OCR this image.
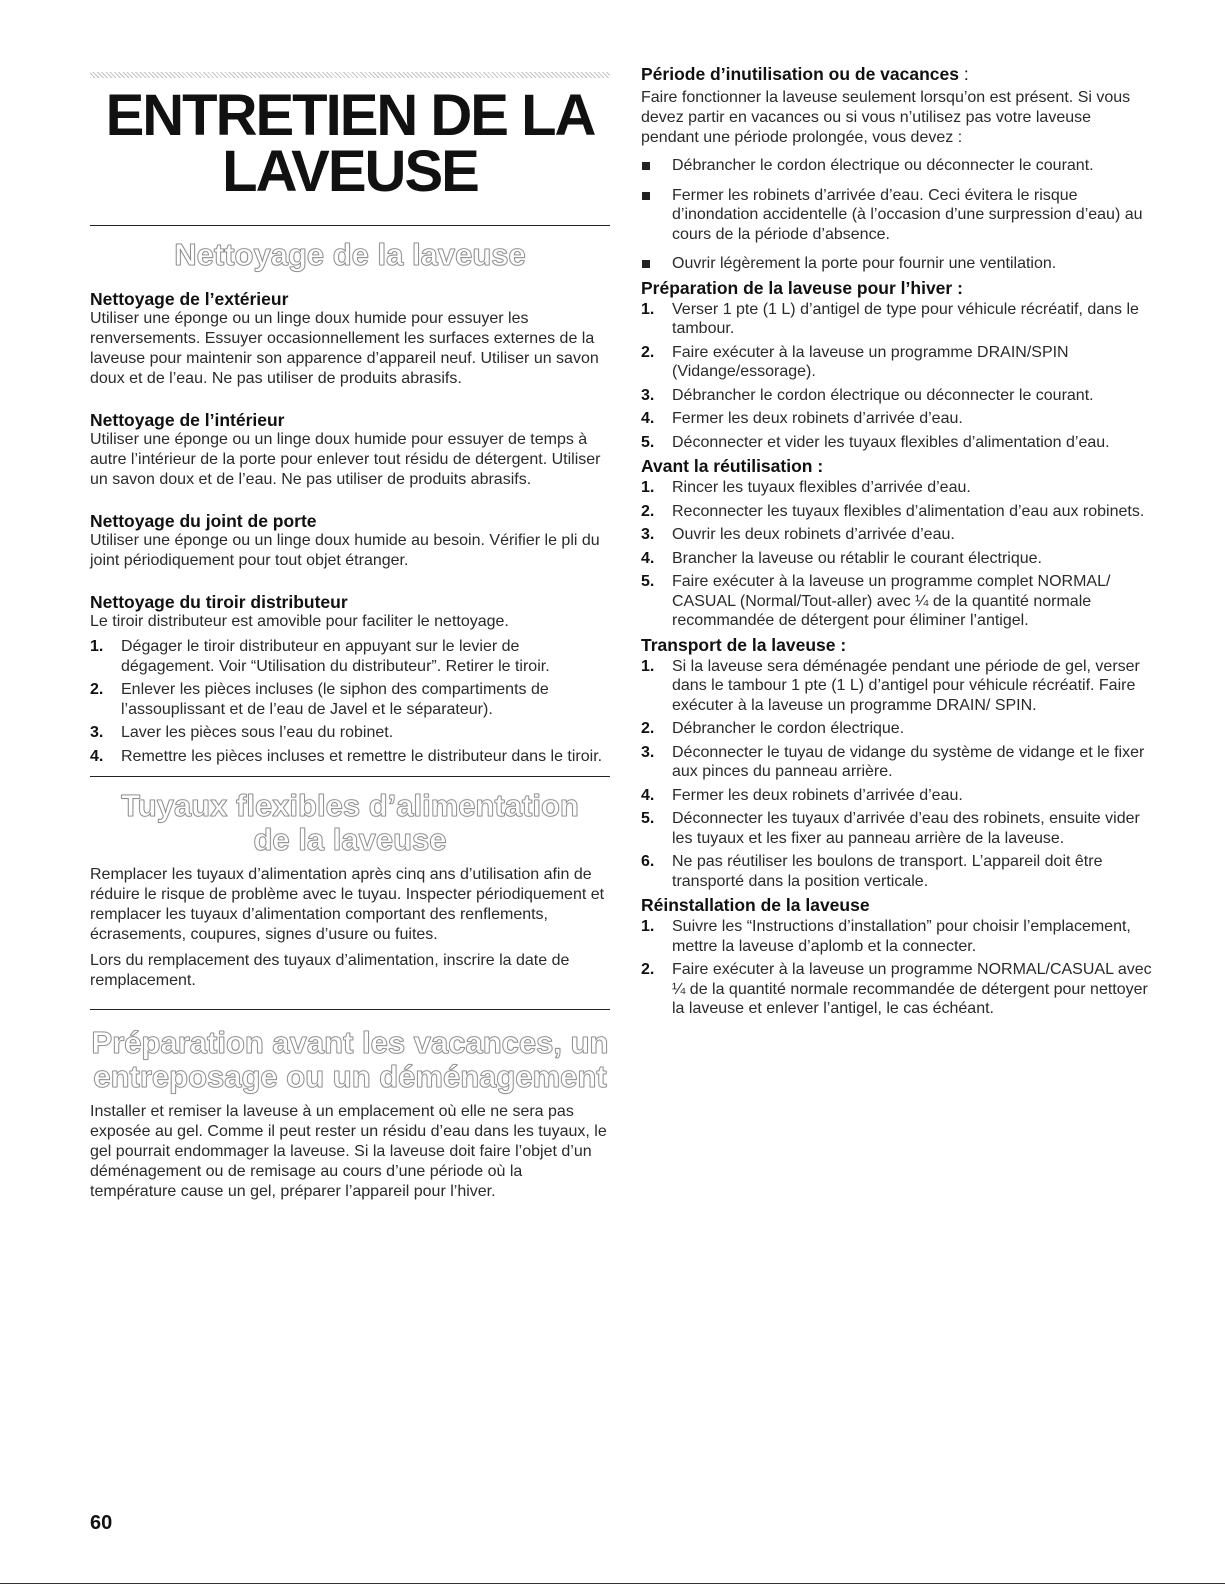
ENTRETIEN DE LA
LAVEUSE
Nettoyage de la laveuse
Nettoyage de l’extérieur

Utiliser une éponge ou un linge doux humide pour essuyer les renversements. Essuyer occasionnellement les surfaces externes de la laveuse pour maintenir son apparence d’appareil neuf. Utiliser un savon doux et de l’eau. Ne pas utiliser de produits abrasifs.

Nettoyage de l’intérieur

Utiliser une éponge ou un linge doux humide pour essuyer de temps à autre l’intérieur de la porte pour enlever tout résidu de détergent. Utiliser un savon doux et de l’eau. Ne pas utiliser de produits abrasifs.

Nettoyage du joint de porte

Utiliser une éponge ou un linge doux humide au besoin. Vérifier le pli du joint périodiquement pour tout objet étranger.

Nettoyage du tiroir distributeur

Le tiroir distributeur est amovible pour faciliter le nettoyage.

1. Dégager le tiroir distributeur en appuyant sur le levier de dégagement. Voir “Utilisation du distributeur”. Retirer le tiroir.
2. Enlever les pièces incluses (le siphon des compartiments de l’assouplissant et de l’eau de Javel et le séparateur).
3. Laver les pièces sous l’eau du robinet.
4. Remettre les pièces incluses et remettre le distributeur dans le tiroir.
Tuyaux flexibles d’alimentation
de la laveuse

Remplacer les tuyaux d’alimentation après cinq ans d’utilisation afin de réduire le risque de problème avec le tuyau. Inspecter périodiquement et remplacer les tuyaux d’alimentation comportant des renflements, écrasements, coupures, signes d’usure ou fuites.

Lors du remplacement des tuyaux d’alimentation, inscrire la date de remplacement.

Préparation avant les vacances, un
entreposage ou un déménagement

Installer et remiser la laveuse à un emplacement où elle ne sera pas exposée au gel. Comme il peut rester un résidu d’eau dans les tuyaux, le gel pourrait endommager la laveuse. Si la laveuse doit faire l’objet d’un déménagement ou de remisage au cours d’une période où la température cause un gel, préparer l’appareil pour l’hiver.

Période d’inutilisation ou de vacances :

Faire fonctionner la laveuse seulement lorsqu’on est présent. Si vous devez partir en vacances ou si vous n’utilisez pas votre laveuse pendant une période prolongée, vous devez :

Débrancher le cordon électrique ou déconnecter le courant.
Fermer les robinets d’arrivée d’eau. Ceci évitera le risque d’inondation accidentelle (à l’occasion d’une surpression d’eau) au cours de la période d’absence.
Ouvrir légèrement la porte pour fournir une ventilation.
Préparation de la laveuse pour l’hiver :
1. Verser 1 pte (1 L) d’antigel de type pour véhicule récréatif, dans le tambour.
2. Faire exécuter à la laveuse un programme DRAIN/SPIN (Vidange/essorage).
3. Débrancher le cordon électrique ou déconnecter le courant.
4. Fermer les deux robinets d’arrivée d’eau.
5. Déconnecter et vider les tuyaux flexibles d’alimentation d’eau.
Avant la réutilisation :
1. Rincer les tuyaux flexibles d’arrivée d’eau.
2. Reconnecter les tuyaux flexibles d’alimentation d’eau aux robinets.
3. Ouvrir les deux robinets d’arrivée d’eau.
4. Brancher la laveuse ou rétablir le courant électrique.
5. Faire exécuter à la laveuse un programme complet NORMAL/ CASUAL (Normal/Tout-aller) avec ¼ de la quantité normale recommandée de détergent pour éliminer l’antigel.
Transport de la laveuse :
1. Si la laveuse sera déménagée pendant une période de gel, verser dans le tambour 1 pte (1 L) d’antigel pour véhicule récréatif. Faire exécuter à la laveuse un programme DRAIN/ SPIN.
2. Débrancher le cordon électrique.
3. Déconnecter le tuyau de vidange du système de vidange et le fixer aux pinces du panneau arrière.
4. Fermer les deux robinets d’arrivée d’eau.
5. Déconnecter les tuyaux d’arrivée d’eau des robinets, ensuite vider les tuyaux et les fixer au panneau arrière de la laveuse.
6. Ne pas réutiliser les boulons de transport. L’appareil doit être transporté dans la position verticale.
Réinstallation de la laveuse
1. Suivre les “Instructions d’installation” pour choisir l’emplacement, mettre la laveuse d’aplomb et la connecter.
2. Faire exécuter à la laveuse un programme NORMAL/CASUAL avec ¼ de la quantité normale recommandée de détergent pour nettoyer la laveuse et enlever l’antigel, le cas échéant.
60
